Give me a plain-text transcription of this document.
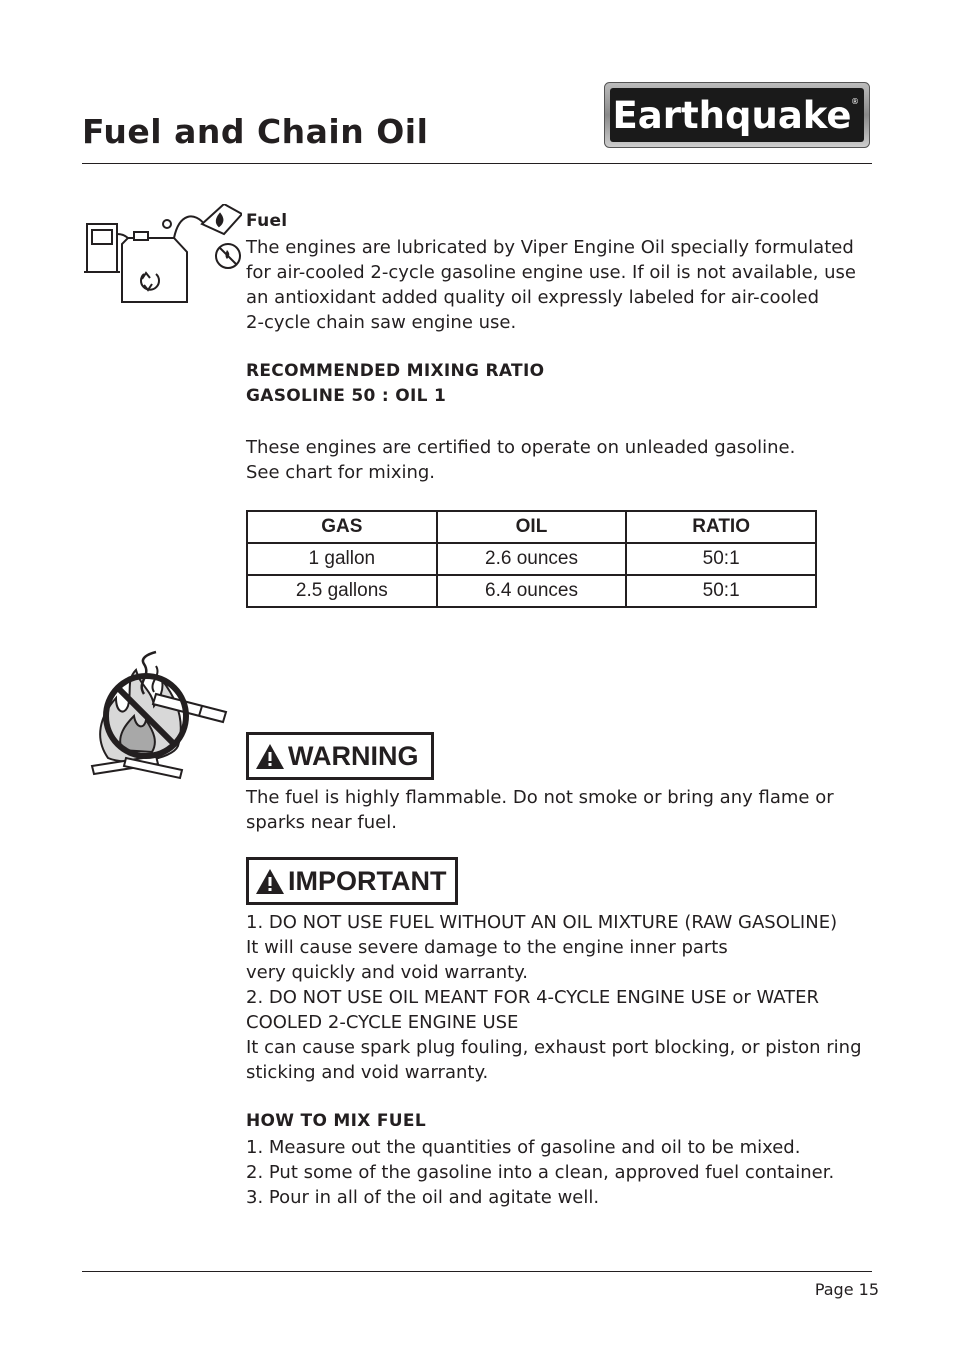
Fuel and Chain Oil	Earthquake ®
Fuel
The engines are lubricated by Viper Engine Oil specially formulated
for air-cooled 2-cycle gasoline engine use. If oil is not available, use
an antioxidant added quality oil expressly labeled for air-cooled
2-cycle chain saw engine use.
RECOMMENDED MIXING RATIO
GASOLINE 50 : OIL 1
These engines are certified to operate on unleaded gasoline.
See chart for mixing.
GAS	OIL	RATIO
1 gallon	2.6 ounces	50:1
2.5 gallons	6.4 ounces	50:1
WARNING
The fuel is highly flammable. Do not smoke or bring any flame or
sparks near fuel.
IMPORTANT
1. DO NOT USE FUEL WITHOUT AN OIL MIXTURE (RAW GASOLINE)
It will cause severe damage to the engine inner parts
very quickly and void warranty.
2. DO NOT USE OIL MEANT FOR 4-CYCLE ENGINE USE or WATER
COOLED 2-CYCLE ENGINE USE
It can cause spark plug fouling, exhaust port blocking, or piston ring
sticking and void warranty.
HOW TO MIX FUEL
1. Measure out the quantities of gasoline and oil to be mixed.
2. Put some of the gasoline into a clean, approved fuel container.
3. Pour in all of the oil and agitate well.
Page 15
